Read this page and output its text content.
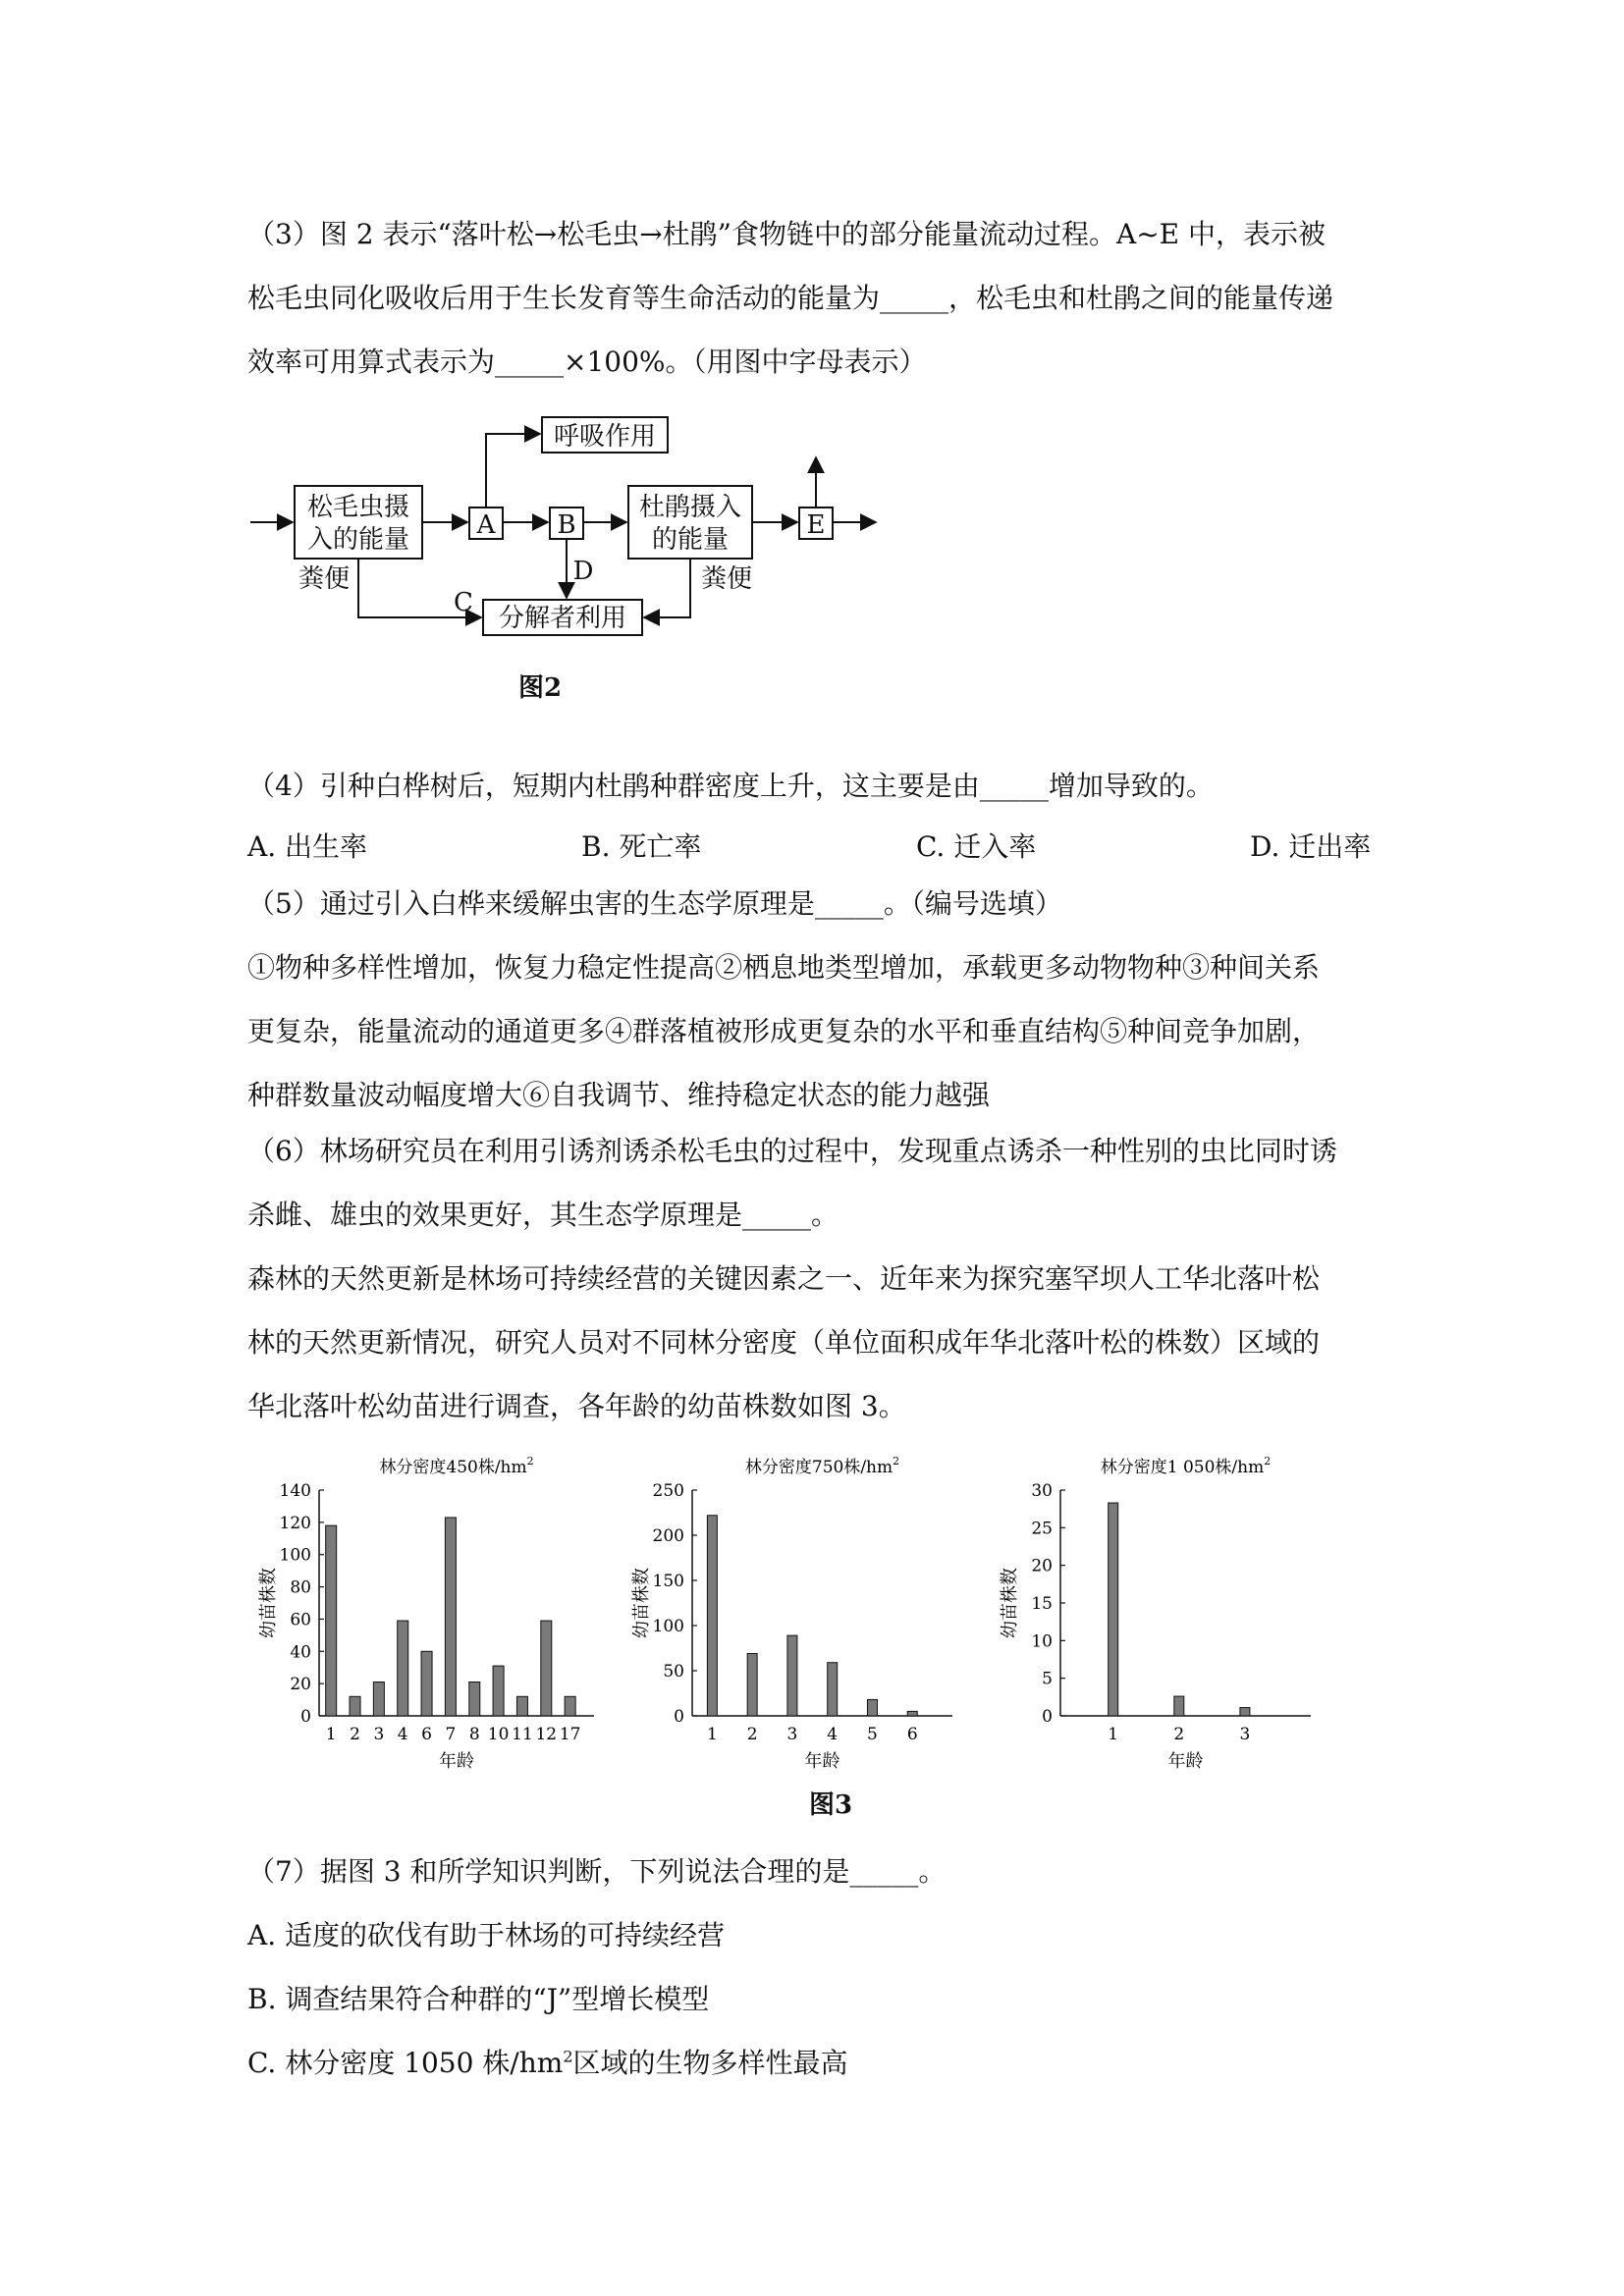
（3）图 2 表示“落叶松→松毛虫→杜鹃”食物链中的部分能量流动过程。A~E 中，表示被
松毛虫同化吸收后用于生长发育等生命活动的能量为_____，松毛虫和杜鹃之间的能量传递
效率可用算式表示为_____×100%。（用图中字母表示）
松毛虫摄
入的能量
呼吸作用
A B
杜鹃摄入
的能量	E
D
C
粪便	粪便
分解者利用
图2
（4）引种白桦树后，短期内杜鹃种群密度上升，这主要是由_____增加导致的。
A. 出生率	B. 死亡率	C. 迁入率	D. 迁出率
（5）通过引入白桦来缓解虫害的生态学原理是_____。（编号选填）
①物种多样性增加，恢复力稳定性提高②栖息地类型增加，承载更多动物物种③种间关系
更复杂，能量流动的通道更多④群落植被形成更复杂的水平和垂直结构⑤种间竞争加剧，
种群数量波动幅度增大⑥自我调节、维持稳定状态的能力越强
（6）林场研究员在利用引诱剂诱杀松毛虫的过程中，发现重点诱杀一种性别的虫比同时诱
杀雌、雄虫的效果更好，其生态学原理是_____。
森林的天然更新是林场可持续经营的关键因素之一、近年来为探究塞罕坝人工华北落叶松
林的天然更新情况，研究人员对不同林分密度（单位面积成年华北落叶松的株数）区域的
华北落叶松幼苗进行调查，各年龄的幼苗株数如图 3。
林分密度450株$/hm^2$
0
20
40
60
80
100
120
140
1 2 3 4 6 7 8 10 11 12 17
年龄
幼苗株数
林分密度750株$/hm^2$
0
50
100
150
200
250
1 2 3 4 5 6
年龄
幼苗株数
林分密度1 050株$/hm^2$
0
5
10
15
20
25
30
1	2	3
年龄
幼苗株数
图3
（7）据图 3 和所学知识判断，下列说法合理的是_____。
A. 适度的砍伐有助于林场的可持续经营
B. 调查结果符合种群的“J”型增长模型
C. 林分密度 1050 株$/hm^2$区域的生物多样性最高
